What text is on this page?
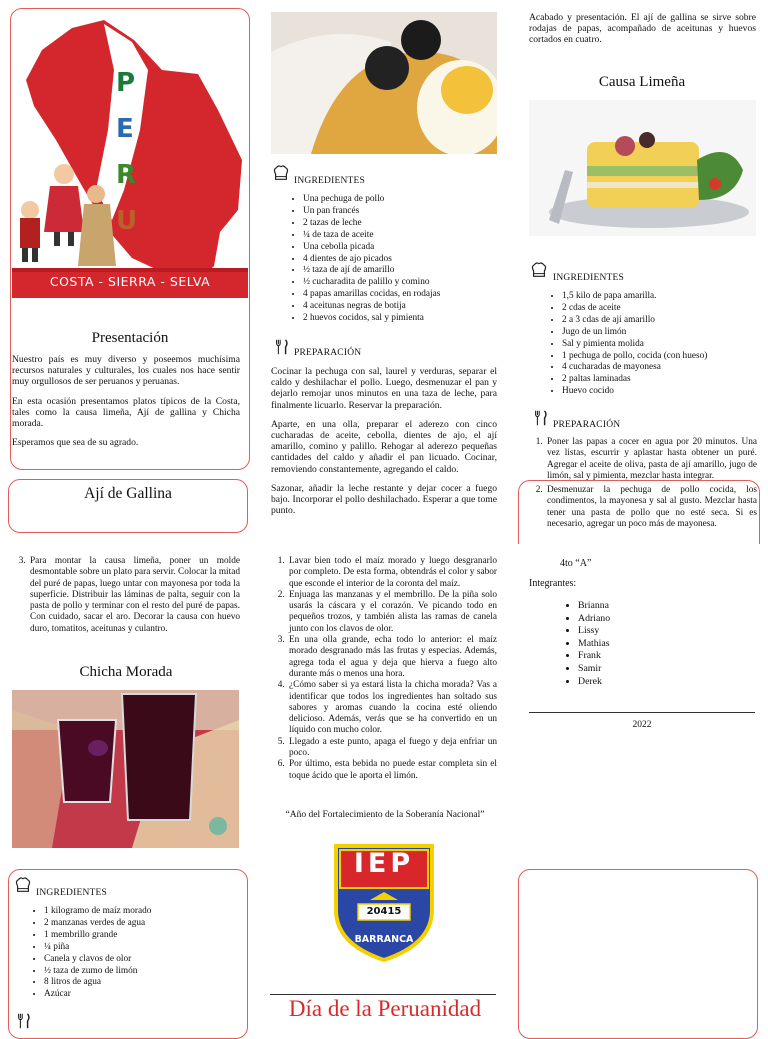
P
E
R
U
COSTA - SIERRA - SELVA
Presentación

Nuestro país es muy diverso y poseemos muchísima recursos naturales y culturales, los cuales nos hace sentir muy orgullosos de ser peruanos y peruanas.

En esta ocasión presentamos platos típicos de la Costa, tales como la causa limeña, Ají de gallina y Chicha morada.

Esperamos que sea de su agrado.

Ají de Gallina
INGREDIENTES
• Una pechuga de pollo
• Un pan francés
• 2 tazas de leche
• ¼ de taza de aceite
• Una cebolla picada
• 4 dientes de ajo picados
• ½ taza de ají de amarillo
• ½ cucharadita de palillo y comino
• 4 papas amarillas cocidas, en rodajas
• 4 aceitunas negras de botija
• 2 huevos cocidos, sal y pimienta
PREPARACIÓN

Cocinar la pechuga con sal, laurel y verduras, separar el caldo y deshilachar el pollo. Luego, desmenuzar el pan y dejarlo remojar unos minutos en una taza de leche, para finalmente licuarlo. Reservar la preparación.

Aparte, en una olla, preparar el aderezo con cinco cucharadas de aceite, cebolla, dientes de ajo, el ají amarillo, comino y palillo. Rehogar al aderezo pequeñas cantidades del caldo y añadir el pan licuado. Cocinar, removiendo constantemente, agregando el caldo.

Sazonar, añadir la leche restante y dejar cocer a fuego bajo. Incorporar el pollo deshilachado. Esperar a que tome punto.

Acabado y presentación. El ají de gallina se sirve sobre rodajas de papas, acompañado de aceitunas y huevos cortados en cuatro.
Causa Limeña
INGREDIENTES
• 1,5 kilo de papa amarilla.
• 2 cdas de aceite
• 2 a 3 cdas de ají amarillo
• Jugo de un limón
• Sal y pimienta molida
• 1 pechuga de pollo, cocida (con hueso)
• 4 cucharadas de mayonesa
• 2 paltas laminadas
• Huevo cocido
PREPARACIÓN
1. Poner las papas a cocer en agua por 20 minutos. Una vez listas, escurrir y aplastar hasta obtener un puré. Agregar el aceite de oliva, pasta de ají amarillo, jugo de limón, sal y pimienta, mezclar hasta integrar.
2. Desmenuzar la pechuga de pollo cocida, los condimentos, la mayonesa y sal al gusto. Mezclar hasta tener una pasta de pollo que no esté seca. Si es necesario, agregar un poco más de mayonesa.
3. Para montar la causa limeña, poner un molde desmontable sobre un plato para servir. Colocar la mitad del puré de papas, luego untar con mayonesa por toda la superficie. Distribuir las láminas de palta, seguir con la pasta de pollo y terminar con el resto del puré de papas. Con cuidado, sacar el aro. Decorar la causa con huevo duro, tomatitos, aceitunas y culantro.
Chicha Morada
INGREDIENTES
• 1 kilogramo de maíz morado
• 2 manzanas verdes de agua
• 1 membrillo grande
• ¼ piña
• Canela y clavos de olor
• ½ taza de zumo de limón
• 8 litros de agua
• Azúcar
1. Lavar bien todo el maíz morado y luego desgranarlo por completo. De esta forma, obtendrás el color y sabor que esconde el interior de la coronta del maíz.
2. Enjuaga las manzanas y el membrillo. De la piña solo usarás la cáscara y el corazón. Ve picando todo en pequeños trozos, y también alista las ramas de canela junto con los clavos de olor.
3. En una olla grande, echa todo lo anterior: el maíz morado desgranado más las frutas y especias. Además, agrega toda el agua y deja que hierva a fuego alto durante más o menos una hora.
4. ¿Cómo saber si ya estará lista la chicha morada? Vas a identificar que todos los ingredientes han soltado sus sabores y aromas cuando la cocina esté oliendo delicioso. Además, verás que se ha convertido en un líquido con mucho color.
5. Llegado a este punto, apaga el fuego y deja enfriar un poco.
6. Por último, esta bebida no puede estar completa sin el toque ácido que le aporta el limón.
“Año del Fortalecimiento de la Soberanía Nacional”
IEP
20415
BARRANCA
Día de la Peruanidad
4to “A”
Integrantes:
• Brianna
• Adriano
• Lissy
• Mathias
• Frank
• Samir
• Derek
2022
